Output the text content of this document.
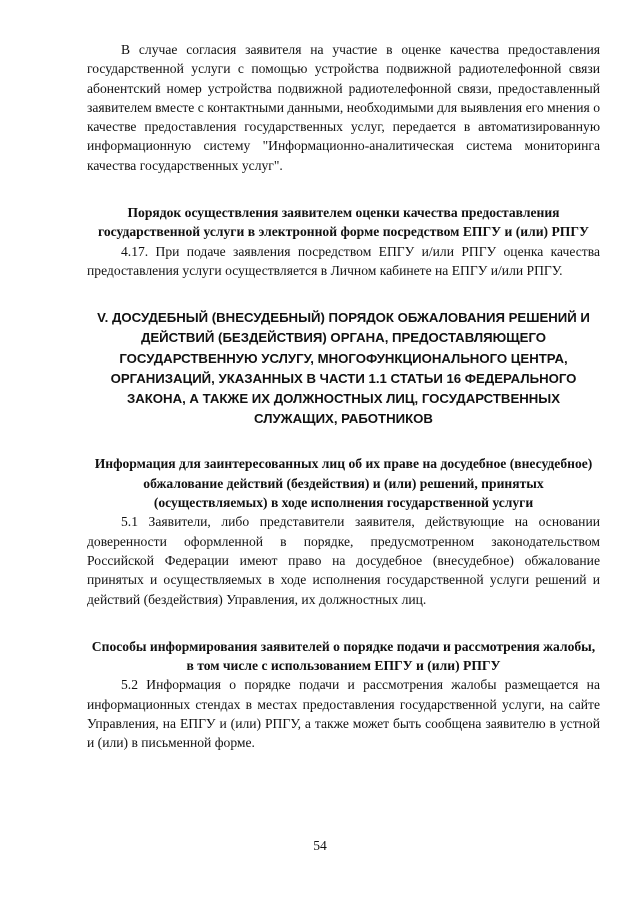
В случае согласия заявителя на участие в оценке качества предоставления государственной услуги с помощью устройства подвижной радиотелефонной связи абонентский номер устройства подвижной радиотелефонной связи, предоставленный заявителем вместе с контактными данными, необходимыми для выявления его мнения о качестве предоставления государственных услуг, передается в автоматизированную информационную систему "Информационно-аналитическая система мониторинга качества государственных услуг".

Порядок осуществления заявителем оценки качества предоставления государственной услуги в электронной форме посредством ЕПГУ и (или) РПГУ

4.17. При подаче заявления посредством ЕПГУ и/или РПГУ оценка качества предоставления услуги осуществляется в Личном кабинете на ЕПГУ и/или РПГУ.

V. ДОСУДЕБНЫЙ (ВНЕСУДЕБНЫЙ) ПОРЯДОК ОБЖАЛОВАНИЯ РЕШЕНИЙ И ДЕЙСТВИЙ (БЕЗДЕЙСТВИЯ) ОРГАНА, ПРЕДОСТАВЛЯЮЩЕГО ГОСУДАРСТВЕННУЮ УСЛУГУ, МНОГОФУНКЦИОНАЛЬНОГО ЦЕНТРА, ОРГАНИЗАЦИЙ, УКАЗАННЫХ В ЧАСТИ 1.1 СТАТЬИ 16 ФЕДЕРАЛЬНОГО ЗАКОНА, А ТАКЖЕ ИХ ДОЛЖНОСТНЫХ ЛИЦ, ГОСУДАРСТВЕННЫХ СЛУЖАЩИХ, РАБОТНИКОВ

Информация для заинтересованных лиц об их праве на досудебное (внесудебное) обжалование действий (бездействия) и (или) решений, принятых (осуществляемых) в ходе исполнения государственной услуги

5.1 Заявители, либо представители заявителя, действующие на основании доверенности оформленной в порядке, предусмотренном законодательством Российской Федерации имеют право на досудебное (внесудебное) обжалование принятых и осуществляемых в ходе исполнения государственной услуги решений и действий (бездействия) Управления, их должностных лиц.

Способы информирования заявителей о порядке подачи и рассмотрения жалобы, в том числе с использованием ЕПГУ и (или) РПГУ

5.2 Информация о порядке подачи и рассмотрения жалобы размещается на информационных стендах в местах предоставления государственной услуги, на сайте Управления, на ЕПГУ и (или) РПГУ, а также может быть сообщена заявителю в устной и (или) в письменной форме.

54
